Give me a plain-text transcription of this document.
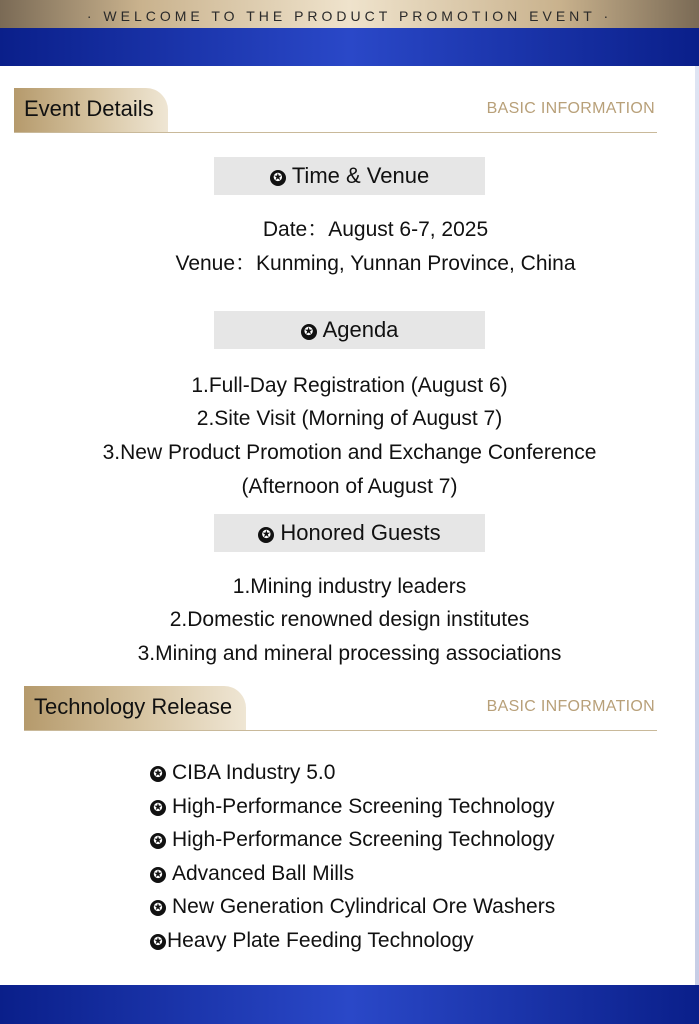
· WELCOME TO THE PRODUCT PROMOTION EVENT ·
Event Details	BASIC INFORMATION
✪ Time & Venue
Date：August 6-7, 2025
Venue：Kunming, Yunnan Province, China
✪ Agenda
1.Full-Day Registration (August 6)
2.Site Visit (Morning of August 7)
3.New Product Promotion and Exchange Conference
(Afternoon of August 7)
✪ Honored Guests
1.Mining industry leaders
2.Domestic renowned design institutes
3.Mining and mineral processing associations
Technology Release	BASIC INFORMATION
✪ CIBA Industry 5.0
✪ High-Performance Screening Technology
✪ High-Performance Screening Technology
✪ Advanced Ball Mills
✪ New Generation Cylindrical Ore Washers
✪ Heavy Plate Feeding Technology
